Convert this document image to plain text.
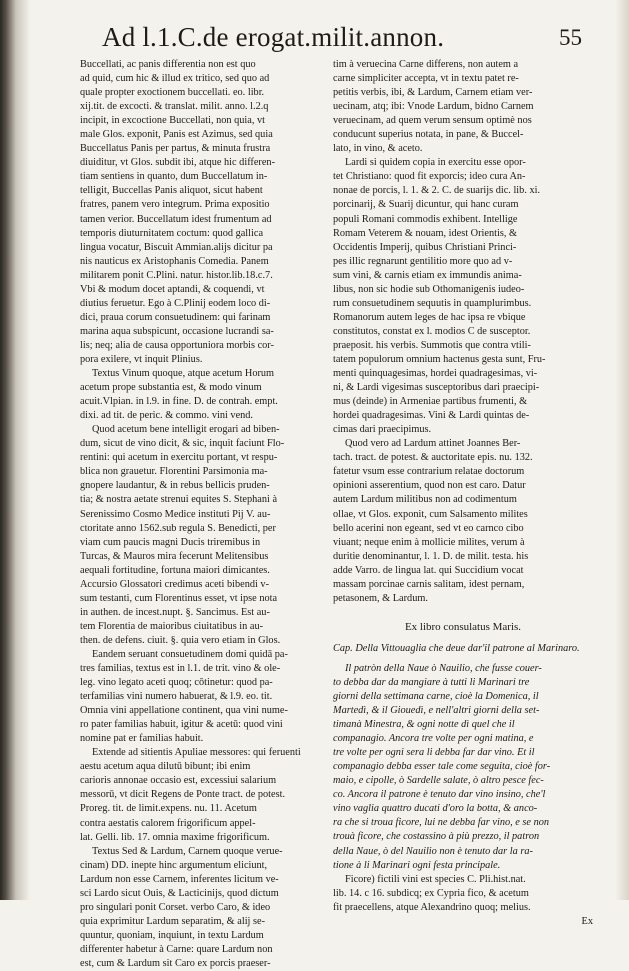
Ad l.1.C.de erogat.milit.annon.	55
Buccellati, ac panis differentia non est quo
ad quid, cum hic & illud ex tritico, sed quo ad
quale propter exoctionem buccellati. eo. libr.
xij.tit. de excocti. & translat. milit. anno. l.2.q
incipit, in excoctione Buccellati, non quia, vt
male Glos. exponit, Panis est Azimus, sed quia
Buccellatus Panis per partus, & minuta frustra
diuiditur, vt Glos. subdit ibi, atque hic differen-
tiam sentiens in quanto, dum Buccellatum in-
telligit, Buccellas Panis aliquot, sicut habent
fratres, panem vero integrum. Prima expositio
tamen verior. Buccellatum idest frumentum ad
temporis diuturnitatem coctum: quod gallica
lingua vocatur, Biscuit Ammian.alijs dicitur pa
nis nauticus ex Aristophanis Comedia. Panem
militarem ponit C.Plini. natur. histor.lib.18.c.7.
Vbi & modum docet aptandi, & coquendi, vt
diutius feruetur. Ego à C.Plinij eodem loco di-
dici, praua corum consuetudinem: qui farinam
marina aqua subspicunt, occasione lucrandi sa-
lis; neq; alia de causa opportuniora morbis cor-
pora exilere, vt inquit Plinius.
Textus Vinum quoque, atque acetum Horum
acetum prope substantia est, & modo vinum
acuit.Vlpian. in l.9. in fine. D. de contrah. empt.
dixi. ad tit. de peric. & commo. vini vend.
Quod acetum bene intelligit erogari ad biben-
dum, sicut de vino dicit, & sic, inquit faciunt Flo-
rentini: qui acetum in exercitu portant, vt respu-
blica non grauetur. Florentini Parsimonia ma-
gnopere laudantur, & in rebus bellicis pruden-
tia; & nostra aetate strenui equites S. Stephani à
Serenissimo Cosmo Medice instituti Pij V. au-
ctoritate anno 1562.sub regula S. Benedicti, per
viam cum paucis magni Ducis triremibus in
Turcas, & Mauros mira fecerunt Melitensibus
aequali fortitudine, fortuna maiori dimicantes.
Accursio Glossatori credimus aceti bibendi v-
sum testanti, cum Florentinus esset, vt ipse nota
in authen. de incest.nupt. §. Sancimus. Est au-
tem Florentia de maioribus ciuitatibus in au-
then. de defens. ciuit. §. quia vero etiam in Glos.
Eandem seruant consuetudinem domi quidā pa-
tres familias, textus est in l.1. de trit. vino & ole-
leg. vino legato aceti quoq; cōtinetur: quod pa-
terfamilias vini numero habuerat, & l.9. eo. tit.
Omnia vini appellatione continent, qua vini nume-
ro pater familias habuit, igitur & acetū: quod vini
nomine pat er familias habuit.
Extende ad sitientis Apuliae messores: qui feruenti
aestu acetum aqua dilutū bibunt; ibi enim
carioris annonae occasio est, excessiui salarium
messorū, vt dicit Regens de Ponte tract. de potest.
Proreg. tit. de limit.expens. nu. 11. Acetum
contra aestatis calorem frigorificum appel-
lat. Gelli. lib. 17. omnia maxime frigorificum.
Textus Sed & Lardum, Carnem quoque verue-
cinam) DD. inepte hinc argumentum eliciunt,
Lardum non esse Carnem, inferentes licitum ve-
sci Lardo sicut Ouis, & Lacticinijs, quod dictum
pro singulari ponit Corset. verbo Caro, & ideo
quia exprimitur Lardum separatim, & alij se-
quuntur, quoniam, inquiunt, in textu Lardum
differenter habetur à Carne: quare Lardum non
est, cum & Lardum sit Caro ex porcis praeser-
tim à veruecina Carne differens, non autem a
carne simpliciter accepta, vt in textu patet re-
petitis verbis, ibi, & Lardum, Carnem etiam ver-
uecinam, atq; ibi: Vnode Lardum, bidno Carnem
veruecinam, ad quem verum sensum optimè nos
conducunt superius notata, in pane, & Buccel-
lato, in vino, & aceto.
Lardi si quidem copia in exercitu esse opor-
tet Christiano: quod fit exporcis; ideo cura An-
nonae de porcis, l. 1. & 2. C. de suarijs dic. lib. xi.
porcinarij, & Suarij dicuntur, qui hanc curam
populi Romani commodis exhibent. Intellige
Romam Veterem & nouam, idest Orientis, &
Occidentis Imperij, quibus Christiani Princi-
pes illic regnarunt gentilitio more quo ad v-
sum vini, & carnis etiam ex immundis anima-
libus, non sic hodie sub Othomanigenis iudeo-
rum consuetudinem sequutis in quamplurimbus.
Romanorum autem leges de hac ipsa re vbique
constitutos, constat ex l. modios C de susceptor.
praeposit. his verbis. Summotis que contra vtili-
tatem populorum omnium hactenus gesta sunt, Fru-
menti quinquagesimas, hordei quadragesimas, vi-
ni, & Lardi vigesimas susceptoribus dari praecipi-
mus (deinde) in Armeniae partibus frumenti, &
hordei quadragesimas. Vini & Lardi quintas de-
cimas dari praecipimus.
Quod vero ad Lardum attinet Joannes Ber-
tach. tract. de potest. & auctoritate epis. nu. 132.
fatetur vsum esse contrarium relatae doctorum
opinioni asserentium, quod non est caro. Datur
autem Lardum militibus non ad codimentum
ollae, vt Glos. exponit, cum Salsamento milites
bello acerini non egeant, sed vt eo carnco cibo
viuant; neque enim à mollicie milites, verum à
duritie denominantur, l. 1. D. de milit. testa. his
adde Varro. de lingua lat. qui Succidium vocat
massam porcinae carnis salitam, idest pernam,
petasonem, & Lardum.
Ex libro consulatus Maris.
Cap. Della Vittouaglia che deue dar'il patrone al Marinaro.
Il patròn della Naue ò Nauilio, che fusse couer-
to debba dar da mangiare à tutti li Marinari tre
giorni della settimana carne, cioè la Domenica, il
Martedì, & il Giouedì, e nell'altri giorni della set-
timanà Minestra, & ogni notte dì quel che il
companagio. Ancora tre volte per ogni matina, e
tre volte per ogni sera li debba far dar vino. Et il
companagio debba esser tale come seguita, cioè for-
maio, e cipolle, ò Sardelle salate, ò altro pesce fec-
co. Ancora il patrone è tenuto dar vino insino, che'l
vino vaglia quattro ducati d'oro la botta, & anco-
ra che si troua ficore, lui ne debba far vino, e se non
trouà ficore, che costassino à più prezzo, il patron
della Naue, ò del Nauilio non è tenuto dar la ra-
tione à li Marinari ogni festa principale.
Ficore) fictili vini est species C. Pli.hist.nat.
lib. 14. c 16. subdicq; ex Cypria fico, & acetum
fit praecellens, atque Alexandrino quoq; melius.
Ex
